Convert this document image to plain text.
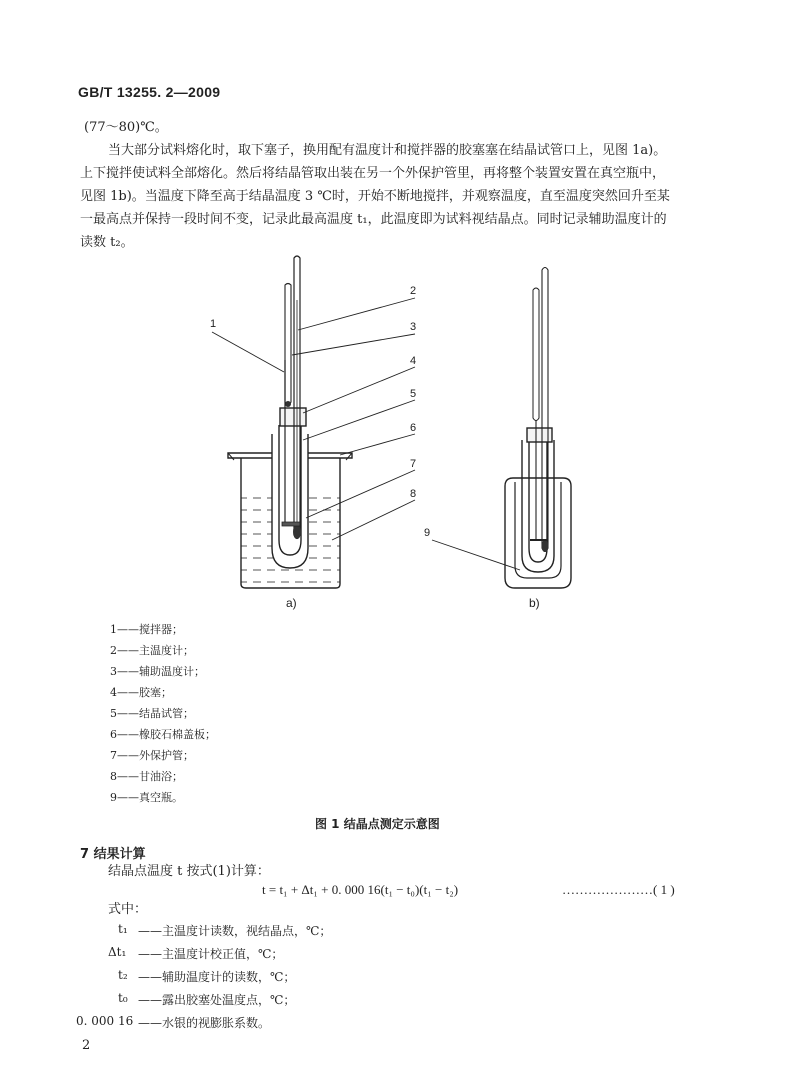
GB/T 13255. 2—2009
(77～80)℃。
当大部分试料熔化时，取下塞子，换用配有温度计和搅拌器的胶塞塞在结晶试管口上，见图 1a)。
上下搅拌使试料全部熔化。然后将结晶管取出装在另一个外保护管里，再将整个装置安置在真空瓶中，
见图 1b)。当温度下降至高于结晶温度 3 ℃时，开始不断地搅拌，并观察温度，直至温度突然回升至某
一最高点并保持一段时间不变，记录此最高温度 t₁，此温度即为试料视结晶点。同时记录辅助温度计的
读数 t₂。
1
2
3
4
5
6
7
8
a)
9
b)
1——搅拌器；
2——主温度计；
3——辅助温度计；
4——胶塞；
5——结晶试管；
6——橡胶石棉盖板；
7——外保护管；
8——甘油浴；
9——真空瓶。
图 1 结晶点测定示意图
7 结果计算
结晶点温度 t 按式(1)计算：
t = t₁ + Δt₁ + 0. 000 16(t₁ − t₀)(t₁ − t₂)	…………………( 1 )
式中：
t₁ ——主温度计读数，视结晶点，℃；
Δt₁ ——主温度计校正值，℃；
t₂ ——辅助温度计的读数，℃；
t₀ ——露出胶塞处温度点，℃；
0. 000 16 ——水银的视膨胀系数。
2
